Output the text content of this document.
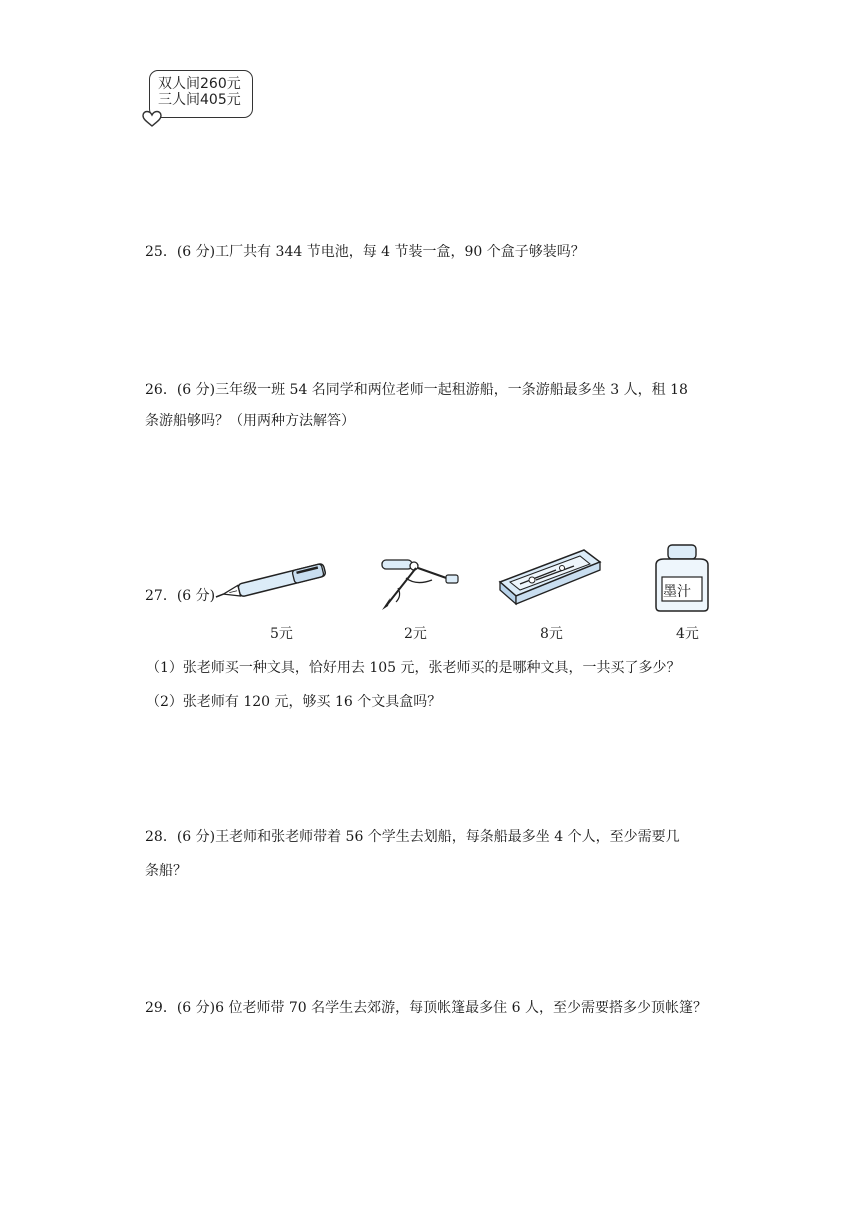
双人间260元
三人间405元
25．(6 分)工厂共有 344 节电池，每 4 节装一盒，90 个盒子够装吗？
26．(6 分)三年级一班 54 名同学和两位老师一起租游船，一条游船最多坐 3 人，租 18
条游船够吗？（用两种方法解答）
27．(6 分)	墨汁
5元	2元	8元	4元
（1）张老师买一种文具，恰好用去 105 元，张老师买的是哪种文具，一共买了多少？
（2）张老师有 120 元，够买 16 个文具盒吗？
28．(6 分)王老师和张老师带着 56 个学生去划船，每条船最多坐 4 个人，至少需要几
条船？
29．(6 分)6 位老师带 70 名学生去郊游，每顶帐篷最多住 6 人，至少需要搭多少顶帐篷？
